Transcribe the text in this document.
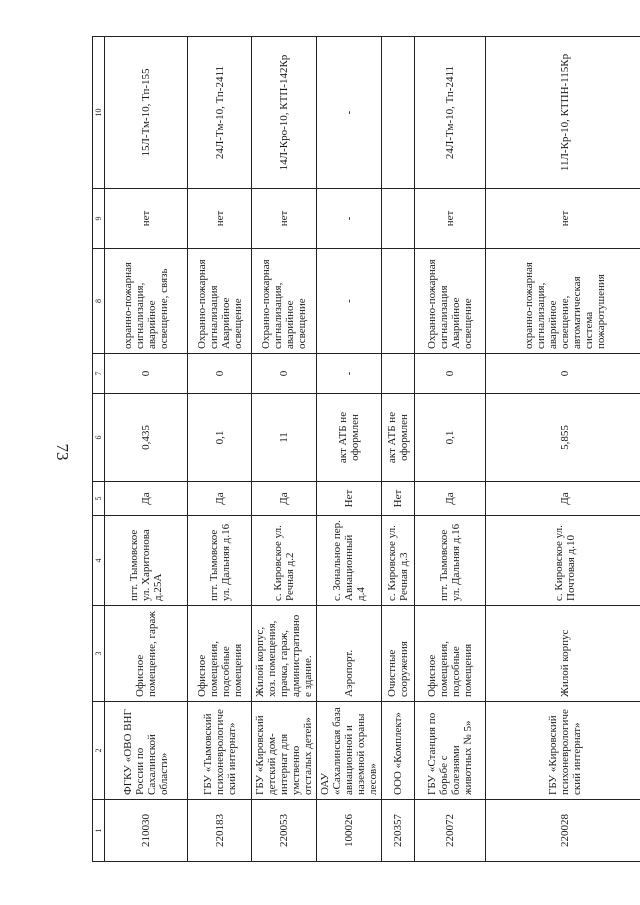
73
1	2	3	4	5	6	7	8	9	10
210030	ФГКУ «ОВО ВНГ России по Сахалинской области»	Офисное помещение, гараж	пгт. Тымовское ул. Харитонова д.25А	Да	0,435	0	охранно-пожарная сигнализация, аварийное освещение, связь	нет	15Л-Тм-10, Тп-155
220183	ГБУ «Тымовский психоневрологический интернат»	Офисное помещения, подсобные помещения	пгт. Тымовское ул. Дальняя д.16	Да	0,1	0	Охранно-пожарная сигнализация Аварийное освещение	нет	24Л-Тм-10, Тп-2411
220053	ГБУ «Кировский детский дом-интернат для умственно отсталых детей»	Жилой корпус, хоз. помещения, прачка, гараж, административное здание.	с. Кировское ул. Речная д.2	Да	11	0	Охранно-пожарная сигнализация, аварийное освещение	нет	14Л-Кро-10, КТП-142Кр
100026	ОАУ «Сахалинская база авиационной и наземной охраны лесов»	Аэропорт.	с. Зональное пер. Авиационный д.4	Нет	акт АТБ не оформлен	-	-	-	-
220357	ООО «Комплект»	Очистные сооружения	с. Кировское ул. Речная д.3	Нет	акт АТБ не оформлен				
220072	ГБУ «Станция по борьбе с болезнями животных № 5»	Офисное помещения, подсобные помещения	пгт. Тымовское ул. Дальняя д.16	Да	0,1	0	Охранно-пожарная сигнализация Аварийное освещение	нет	24Л-Тм-10, Тп-2411
220028	ГБУ «Кировский психоневрологический интернат»	Жилой корпус	с. Кировское ул. Почтовая д.10	Да	5,855	0	охранно-пожарная сигнализация, аварийное освещение, автоматическая система пожаротушения	нет	11Л-Кр-10, КТПН-115Кр
